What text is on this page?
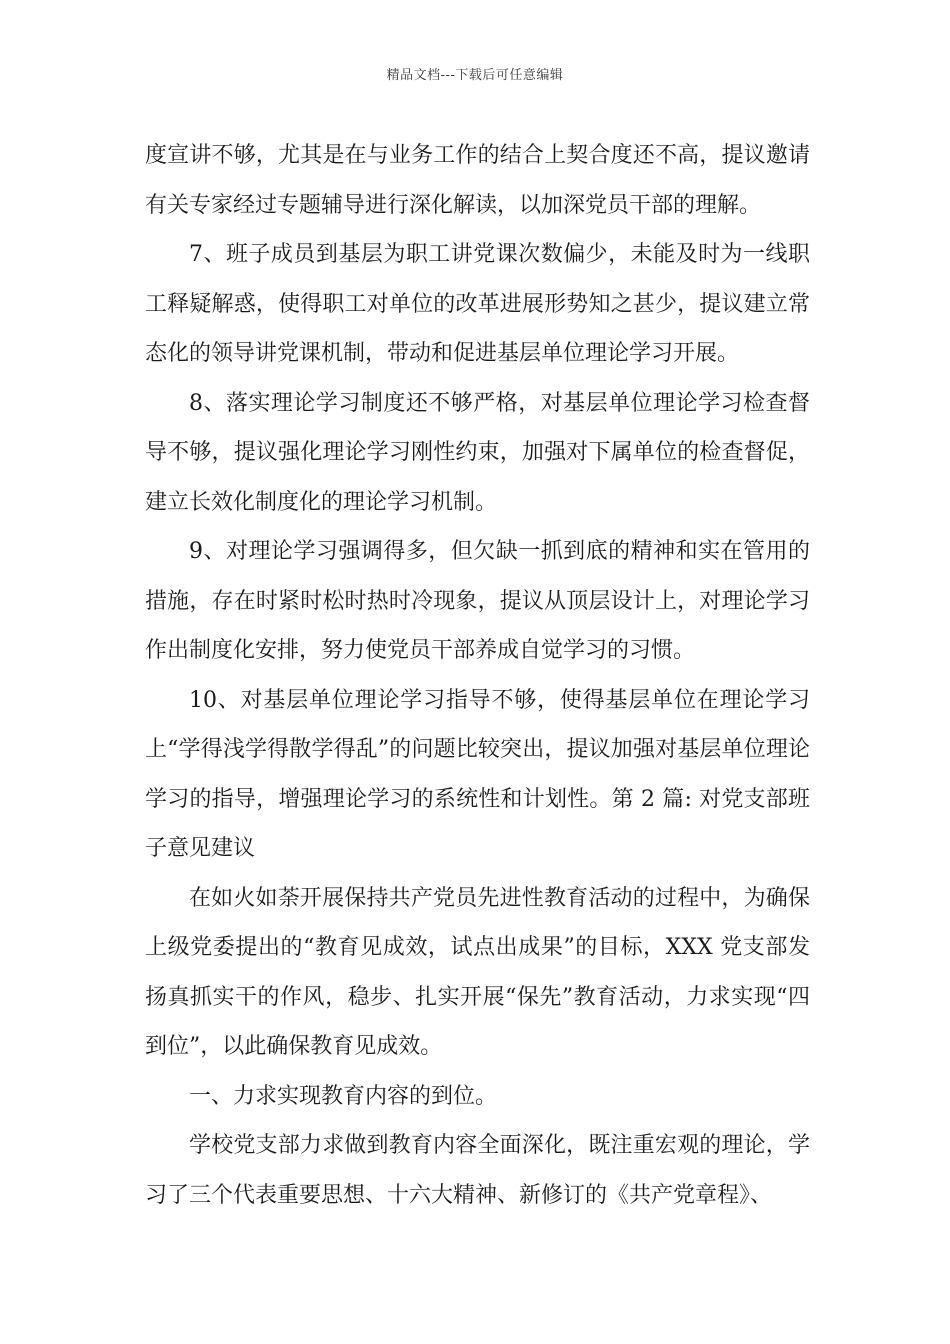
精品文档---下载后可任意编辑

度宣讲不够，尤其是在与业务工作的结合上契合度还不高，提议邀请有关专家经过专题辅导进行深化解读，以加深党员干部的理解。

7、班子成员到基层为职工讲党课次数偏少，未能及时为一线职工释疑解惑，使得职工对单位的改革进展形势知之甚少，提议建立常态化的领导讲党课机制，带动和促进基层单位理论学习开展。

8、落实理论学习制度还不够严格，对基层单位理论学习检查督导不够，提议强化理论学习刚性约束，加强对下属单位的检查督促，建立长效化制度化的理论学习机制。

9、对理论学习强调得多，但欠缺一抓到底的精神和实在管用的措施，存在时紧时松时热时冷现象，提议从顶层设计上，对理论学习作出制度化安排，努力使党员干部养成自觉学习的习惯。

10、对基层单位理论学习指导不够，使得基层单位在理论学习上“学得浅学得散学得乱”的问题比较突出，提议加强对基层单位理论学习的指导，增强理论学习的系统性和计划性。第 2 篇: 对党支部班子意见建议

在如火如荼开展保持共产党员先进性教育活动的过程中，为确保上级党委提出的“教育见成效，试点出成果”的目标，XXX 党支部发扬真抓实干的作风，稳步、扎实开展“保先”教育活动，力求实现“四到位”，以此确保教育见成效。

一、力求实现教育内容的到位。

学校党支部力求做到教育内容全面深化，既注重宏观的理论，学习了三个代表重要思想、十六大精神、新修订的《共产党章程》、
